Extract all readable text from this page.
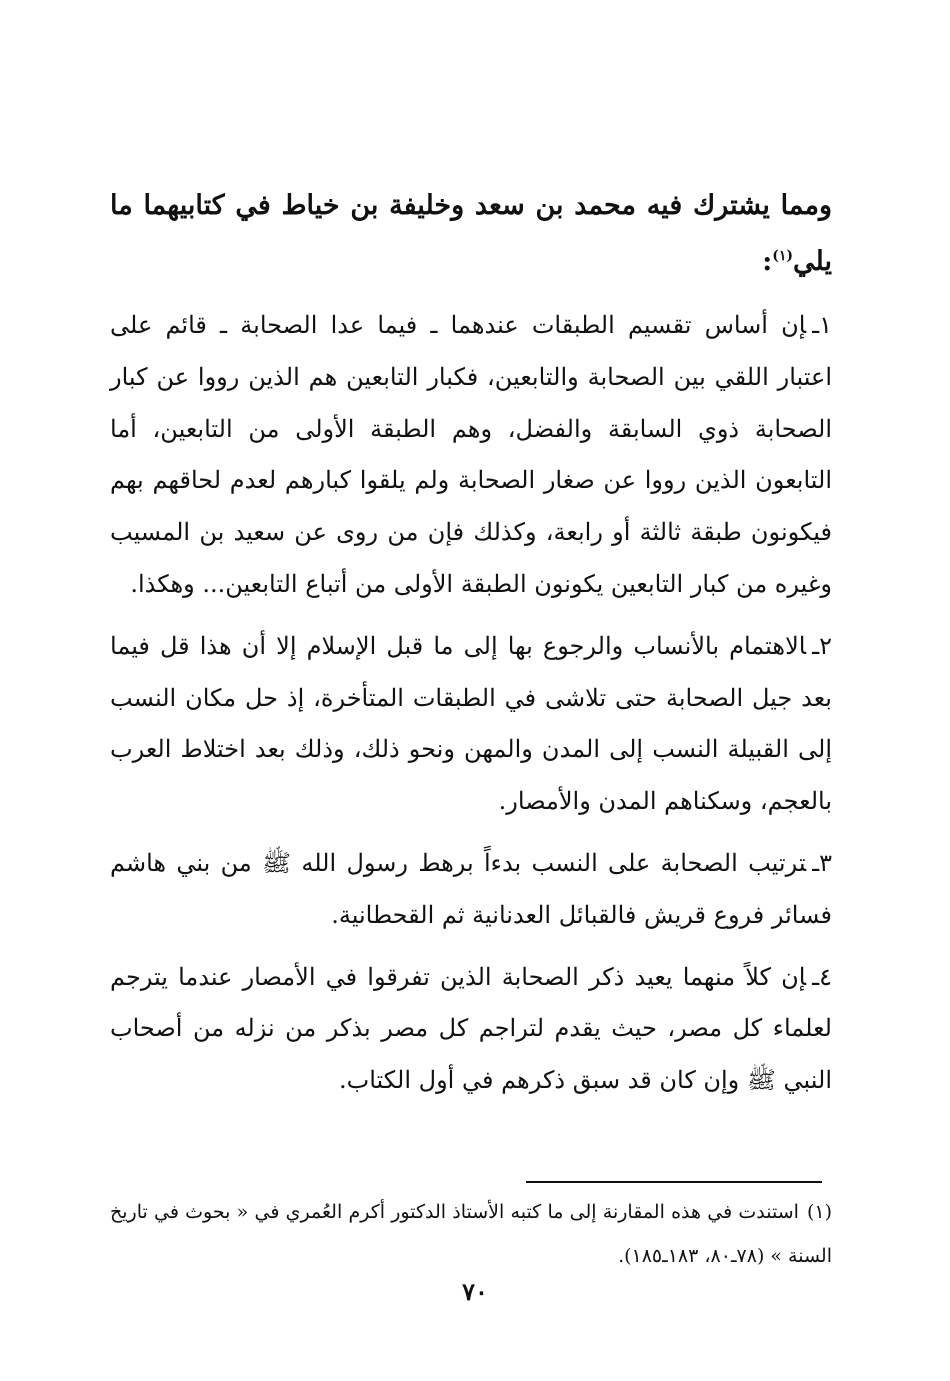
ومما يشترك فيه محمد بن سعد وخليفة بن خياط في كتابيهما ما يلي$^{(١)}$:

١ـإن أساس تقسيم الطبقات عندهما ـ فيما عدا الصحابة ـ قائم على اعتبار اللقي بين الصحابة والتابعين، فكبار التابعين هم الذين رووا عن كبار الصحابة ذوي السابقة والفضل، وهم الطبقة الأولى من التابعين، أما التابعون الذين رووا عن صغار الصحابة ولم يلقوا كبارهم لعدم لحاقهم بهم فيكونون طبقة ثالثة أو رابعة، وكذلك فإن من روى عن سعيد بن المسيب وغيره من كبار التابعين يكونون الطبقة الأولى من أتباع التابعين... وهكذا.

٢ـالاهتمام بالأنساب والرجوع بها إلى ما قبل الإسلام إلا أن هذا قل فيما بعد جيل الصحابة حتى تلاشى في الطبقات المتأخرة، إذ حل مكان النسب إلى القبيلة النسب إلى المدن والمهن ونحو ذلك، وذلك بعد اختلاط العرب بالعجم، وسكناهم المدن والأمصار.

٣ـترتيب الصحابة على النسب بدءاً برهط رسول الله ﷺ من بني هاشم فسائر فروع قريش فالقبائل العدنانية ثم القحطانية.

٤ـإن كلاً منهما يعيد ذكر الصحابة الذين تفرقوا في الأمصار عندما يترجم لعلماء كل مصر، حيث يقدم لتراجم كل مصر بذكر من نزله من أصحاب النبي ﷺ وإن كان قد سبق ذكرهم في أول الكتاب.

(١)استندت في هذه المقارنة إلى ما كتبه الأستاذ الدكتور أكرم العُمري في « بحوث في تاريخ السنة » (٧٨ـ٨٠، ١٨٣ـ١٨٥).

٧٠
